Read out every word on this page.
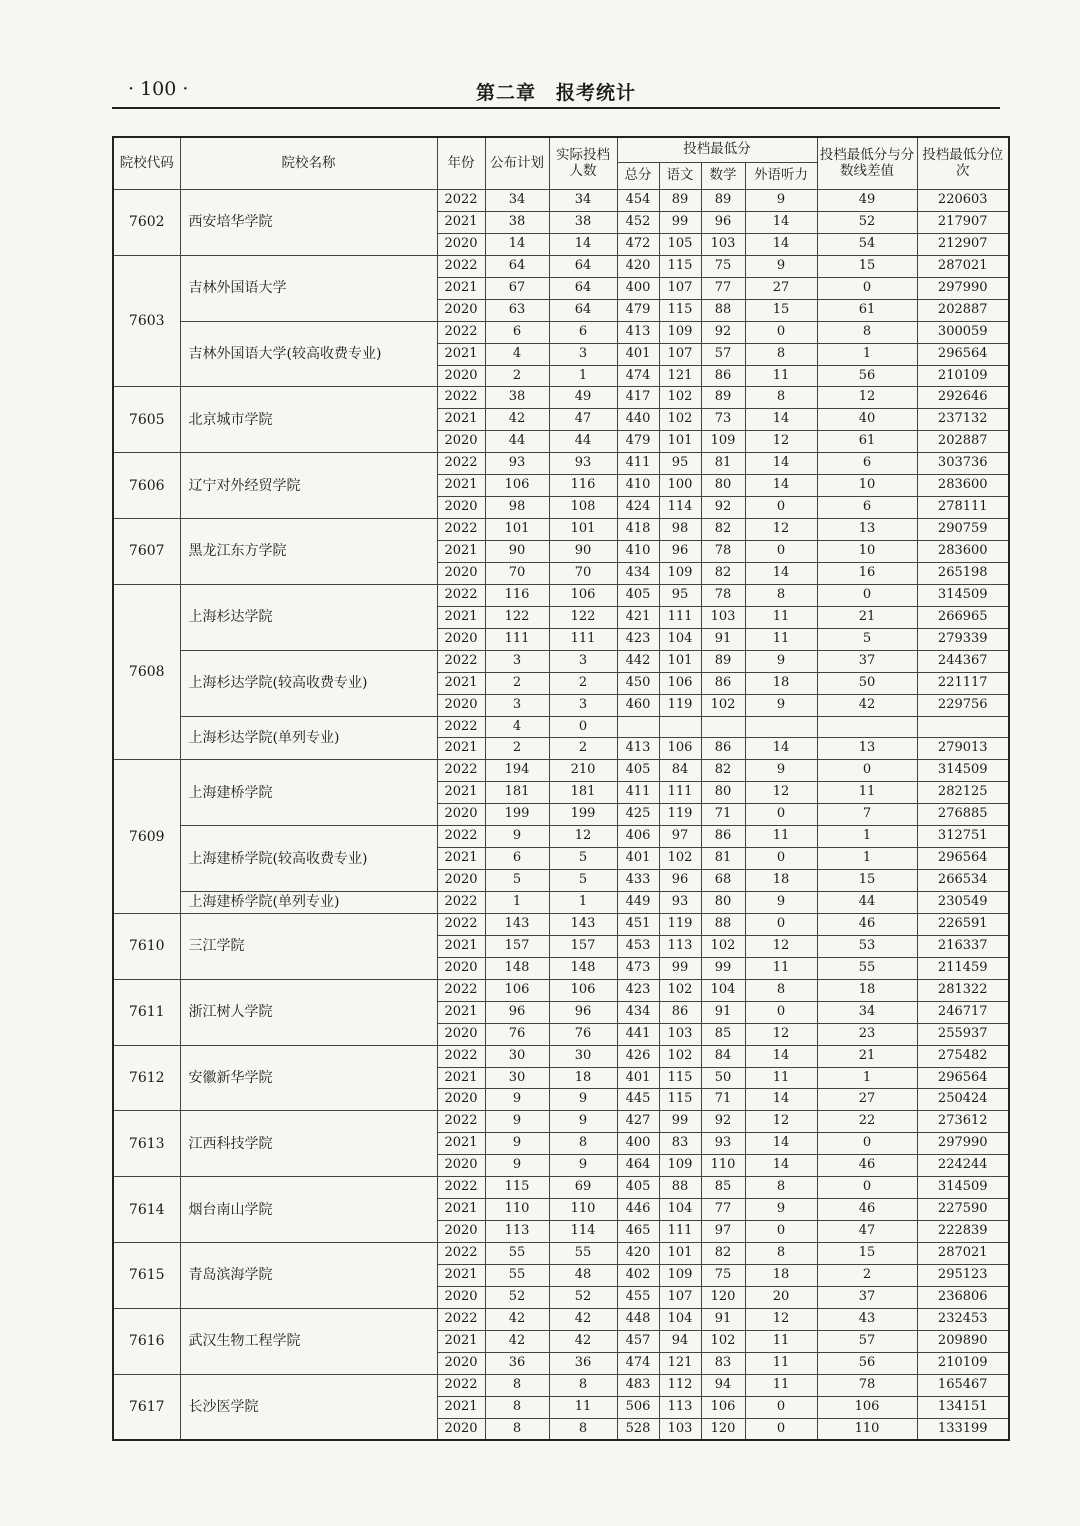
· 100 ·	第二章　报考统计
院校代码	院校名称	年份	公布计划	实际投档人数	投档最低分				投档最低分与分数线差值	投档最低分位次
					总分	语文	数学	外语听力		
7602	西安培华学院	2022	34	34	454	89	89	9	49	220603
		2021	38	38	452	99	96	14	52	217907
		2020	14	14	472	105	103	14	54	212907
7603	吉林外国语大学	2022	64	64	420	115	75	9	15	287021
		2021	67	64	400	107	77	27	0	297990
		2020	63	64	479	115	88	15	61	202887
	吉林外国语大学(较高收费专业)	2022	6	6	413	109	92	0	8	300059
		2021	4	3	401	107	57	8	1	296564
		2020	2	1	474	121	86	11	56	210109
7605	北京城市学院	2022	38	49	417	102	89	8	12	292646
		2021	42	47	440	102	73	14	40	237132
		2020	44	44	479	101	109	12	61	202887
7606	辽宁对外经贸学院	2022	93	93	411	95	81	14	6	303736
		2021	106	116	410	100	80	14	10	283600
		2020	98	108	424	114	92	0	6	278111
7607	黑龙江东方学院	2022	101	101	418	98	82	12	13	290759
		2021	90	90	410	96	78	0	10	283600
		2020	70	70	434	109	82	14	16	265198
7608	上海杉达学院	2022	116	106	405	95	78	8	0	314509
		2021	122	122	421	111	103	11	21	266965
		2020	111	111	423	104	91	11	5	279339
	上海杉达学院(较高收费专业)	2022	3	3	442	101	89	9	37	244367
		2021	2	2	450	106	86	18	50	221117
		2020	3	3	460	119	102	9	42	229756
	上海杉达学院(单列专业)	2022	4	0						
		2021	2	2	413	106	86	14	13	279013
7609	上海建桥学院	2022	194	210	405	84	82	9	0	314509
		2021	181	181	411	111	80	12	11	282125
		2020	199	199	425	119	71	0	7	276885
	上海建桥学院(较高收费专业)	2022	9	12	406	97	86	11	1	312751
		2021	6	5	401	102	81	0	1	296564
		2020	5	5	433	96	68	18	15	266534
	上海建桥学院(单列专业)	2022	1	1	449	93	80	9	44	230549
7610	三江学院	2022	143	143	451	119	88	0	46	226591
		2021	157	157	453	113	102	12	53	216337
		2020	148	148	473	99	99	11	55	211459
7611	浙江树人学院	2022	106	106	423	102	104	8	18	281322
		2021	96	96	434	86	91	0	34	246717
		2020	76	76	441	103	85	12	23	255937
7612	安徽新华学院	2022	30	30	426	102	84	14	21	275482
		2021	30	18	401	115	50	11	1	296564
		2020	9	9	445	115	71	14	27	250424
7613	江西科技学院	2022	9	9	427	99	92	12	22	273612
		2021	9	8	400	83	93	14	0	297990
		2020	9	9	464	109	110	14	46	224244
7614	烟台南山学院	2022	115	69	405	88	85	8	0	314509
		2021	110	110	446	104	77	9	46	227590
		2020	113	114	465	111	97	0	47	222839
7615	青岛滨海学院	2022	55	55	420	101	82	8	15	287021
		2021	55	48	402	109	75	18	2	295123
		2020	52	52	455	107	120	20	37	236806
7616	武汉生物工程学院	2022	42	42	448	104	91	12	43	232453
		2021	42	42	457	94	102	11	57	209890
		2020	36	36	474	121	83	11	56	210109
7617	长沙医学院	2022	8	8	483	112	94	11	78	165467
		2021	8	11	506	113	106	0	106	134151
		2020	8	8	528	103	120	0	110	133199
